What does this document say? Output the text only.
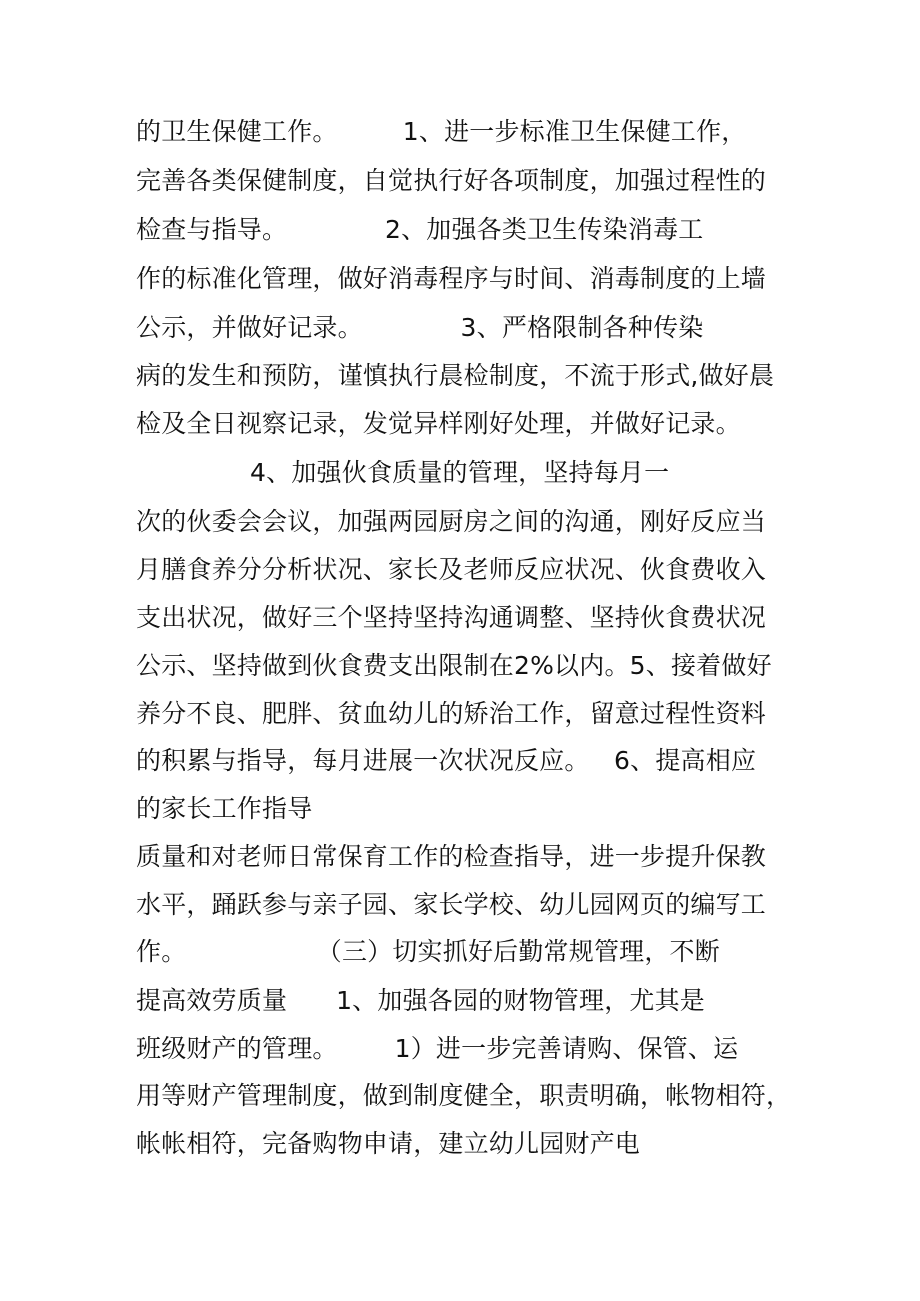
的卫生保健工作。        1、进一步标准卫生保健工作，
完善各类保健制度，自觉执行好各项制度，加强过程性的
检查与指导。            2、加强各类卫生传染消毒工
作的标准化管理，做好消毒程序与时间、消毒制度的上墙
公示，并做好记录。            3、严格限制各种传染
病的发生和预防，谨慎执行晨检制度，不流于形式,做好晨
检及全日视察记录，发觉异样刚好处理，并做好记录。
4、加强伙食质量的管理，坚持每月一
次的伙委会会议，加强两园厨房之间的沟通，刚好反应当
月膳食养分分析状况、家长及老师反应状况、伙食费收入
支出状况，做好三个坚持坚持沟通调整、坚持伙食费状况
公示、坚持做到伙食费支出限制在2%以内。5、接着做好
养分不良、肥胖、贫血幼儿的矫治工作，留意过程性资料
的积累与指导，每月进展一次状况反应。   6、提高相应
的家长工作指导
质量和对老师日常保育工作的检查指导，进一步提升保教
水平，踊跃参与亲子园、家长学校、幼儿园网页的编写工
作。                （三）切实抓好后勤常规管理，不断
提高效劳质量      1、加强各园的财物管理，尤其是
班级财产的管理。       1）进一步完善请购、保管、运
用等财产管理制度，做到制度健全，职责明确，帐物相符，
帐帐相符，完备购物申请，建立幼儿园财产电
